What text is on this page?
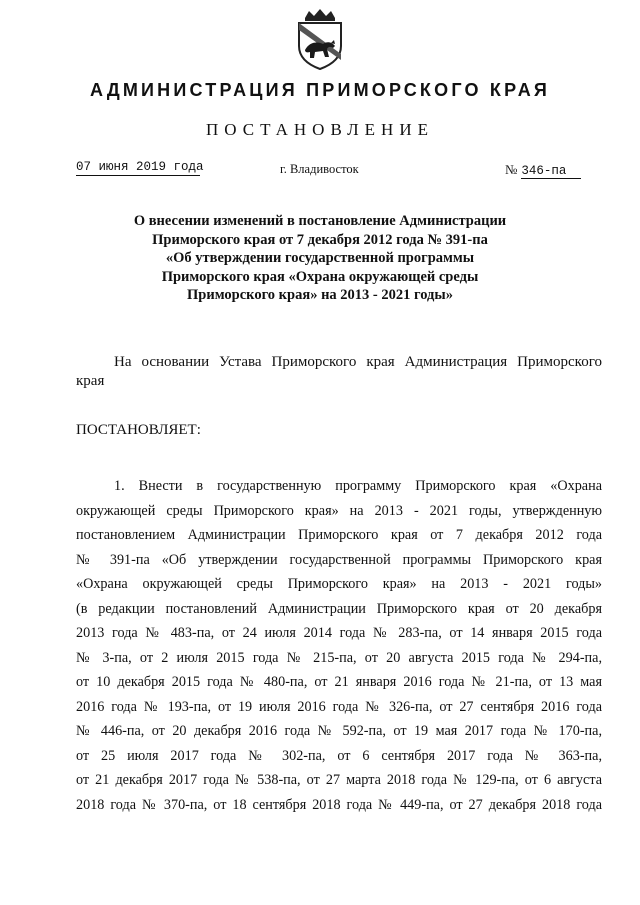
АДМИНИСТРАЦИЯ ПРИМОРСКОГО КРАЯ
ПОСТАНОВЛЕНИЕ
07 июня 2019 года	г. Владивосток	№ 346-па
О внесении изменений в постановление Администрации
Приморского края от 7 декабря 2012 года № 391-па
«Об утверждении государственной программы
Приморского края «Охрана окружающей среды
Приморского края» на 2013 - 2021 годы»
На основании Устава Приморского края Администрация Приморского
края
ПОСТАНОВЛЯЕТ:
1. Внести в государственную программу Приморского края «Охрана
окружающей среды Приморского края» на 2013 - 2021 годы, утвержденную
постановлением Администрации Приморского края от 7 декабря 2012 года
№ 391-па «Об утверждении государственной программы Приморского края
«Охрана окружающей среды Приморского края» на 2013 - 2021 годы»
(в редакции постановлений Администрации Приморского края от 20 декабря
2013 года № 483-па, от 24 июля 2014 года № 283-па, от 14 января 2015 года
№ 3-па, от 2 июля 2015 года № 215-па, от 20 августа 2015 года № 294-па,
от 10 декабря 2015 года № 480-па, от 21 января 2016 года № 21-па, от 13 мая
2016 года № 193-па, от 19 июля 2016 года № 326-па, от 27 сентября 2016 года
№ 446-па, от 20 декабря 2016 года № 592-па, от 19 мая 2017 года № 170-па,
от 25 июля 2017 года № 302-па, от 6 сентября 2017 года № 363-па,
от 21 декабря 2017 года № 538-па, от 27 марта 2018 года № 129-па, от 6 августа
2018 года № 370-па, от 18 сентября 2018 года № 449-па, от 27 декабря 2018 года
